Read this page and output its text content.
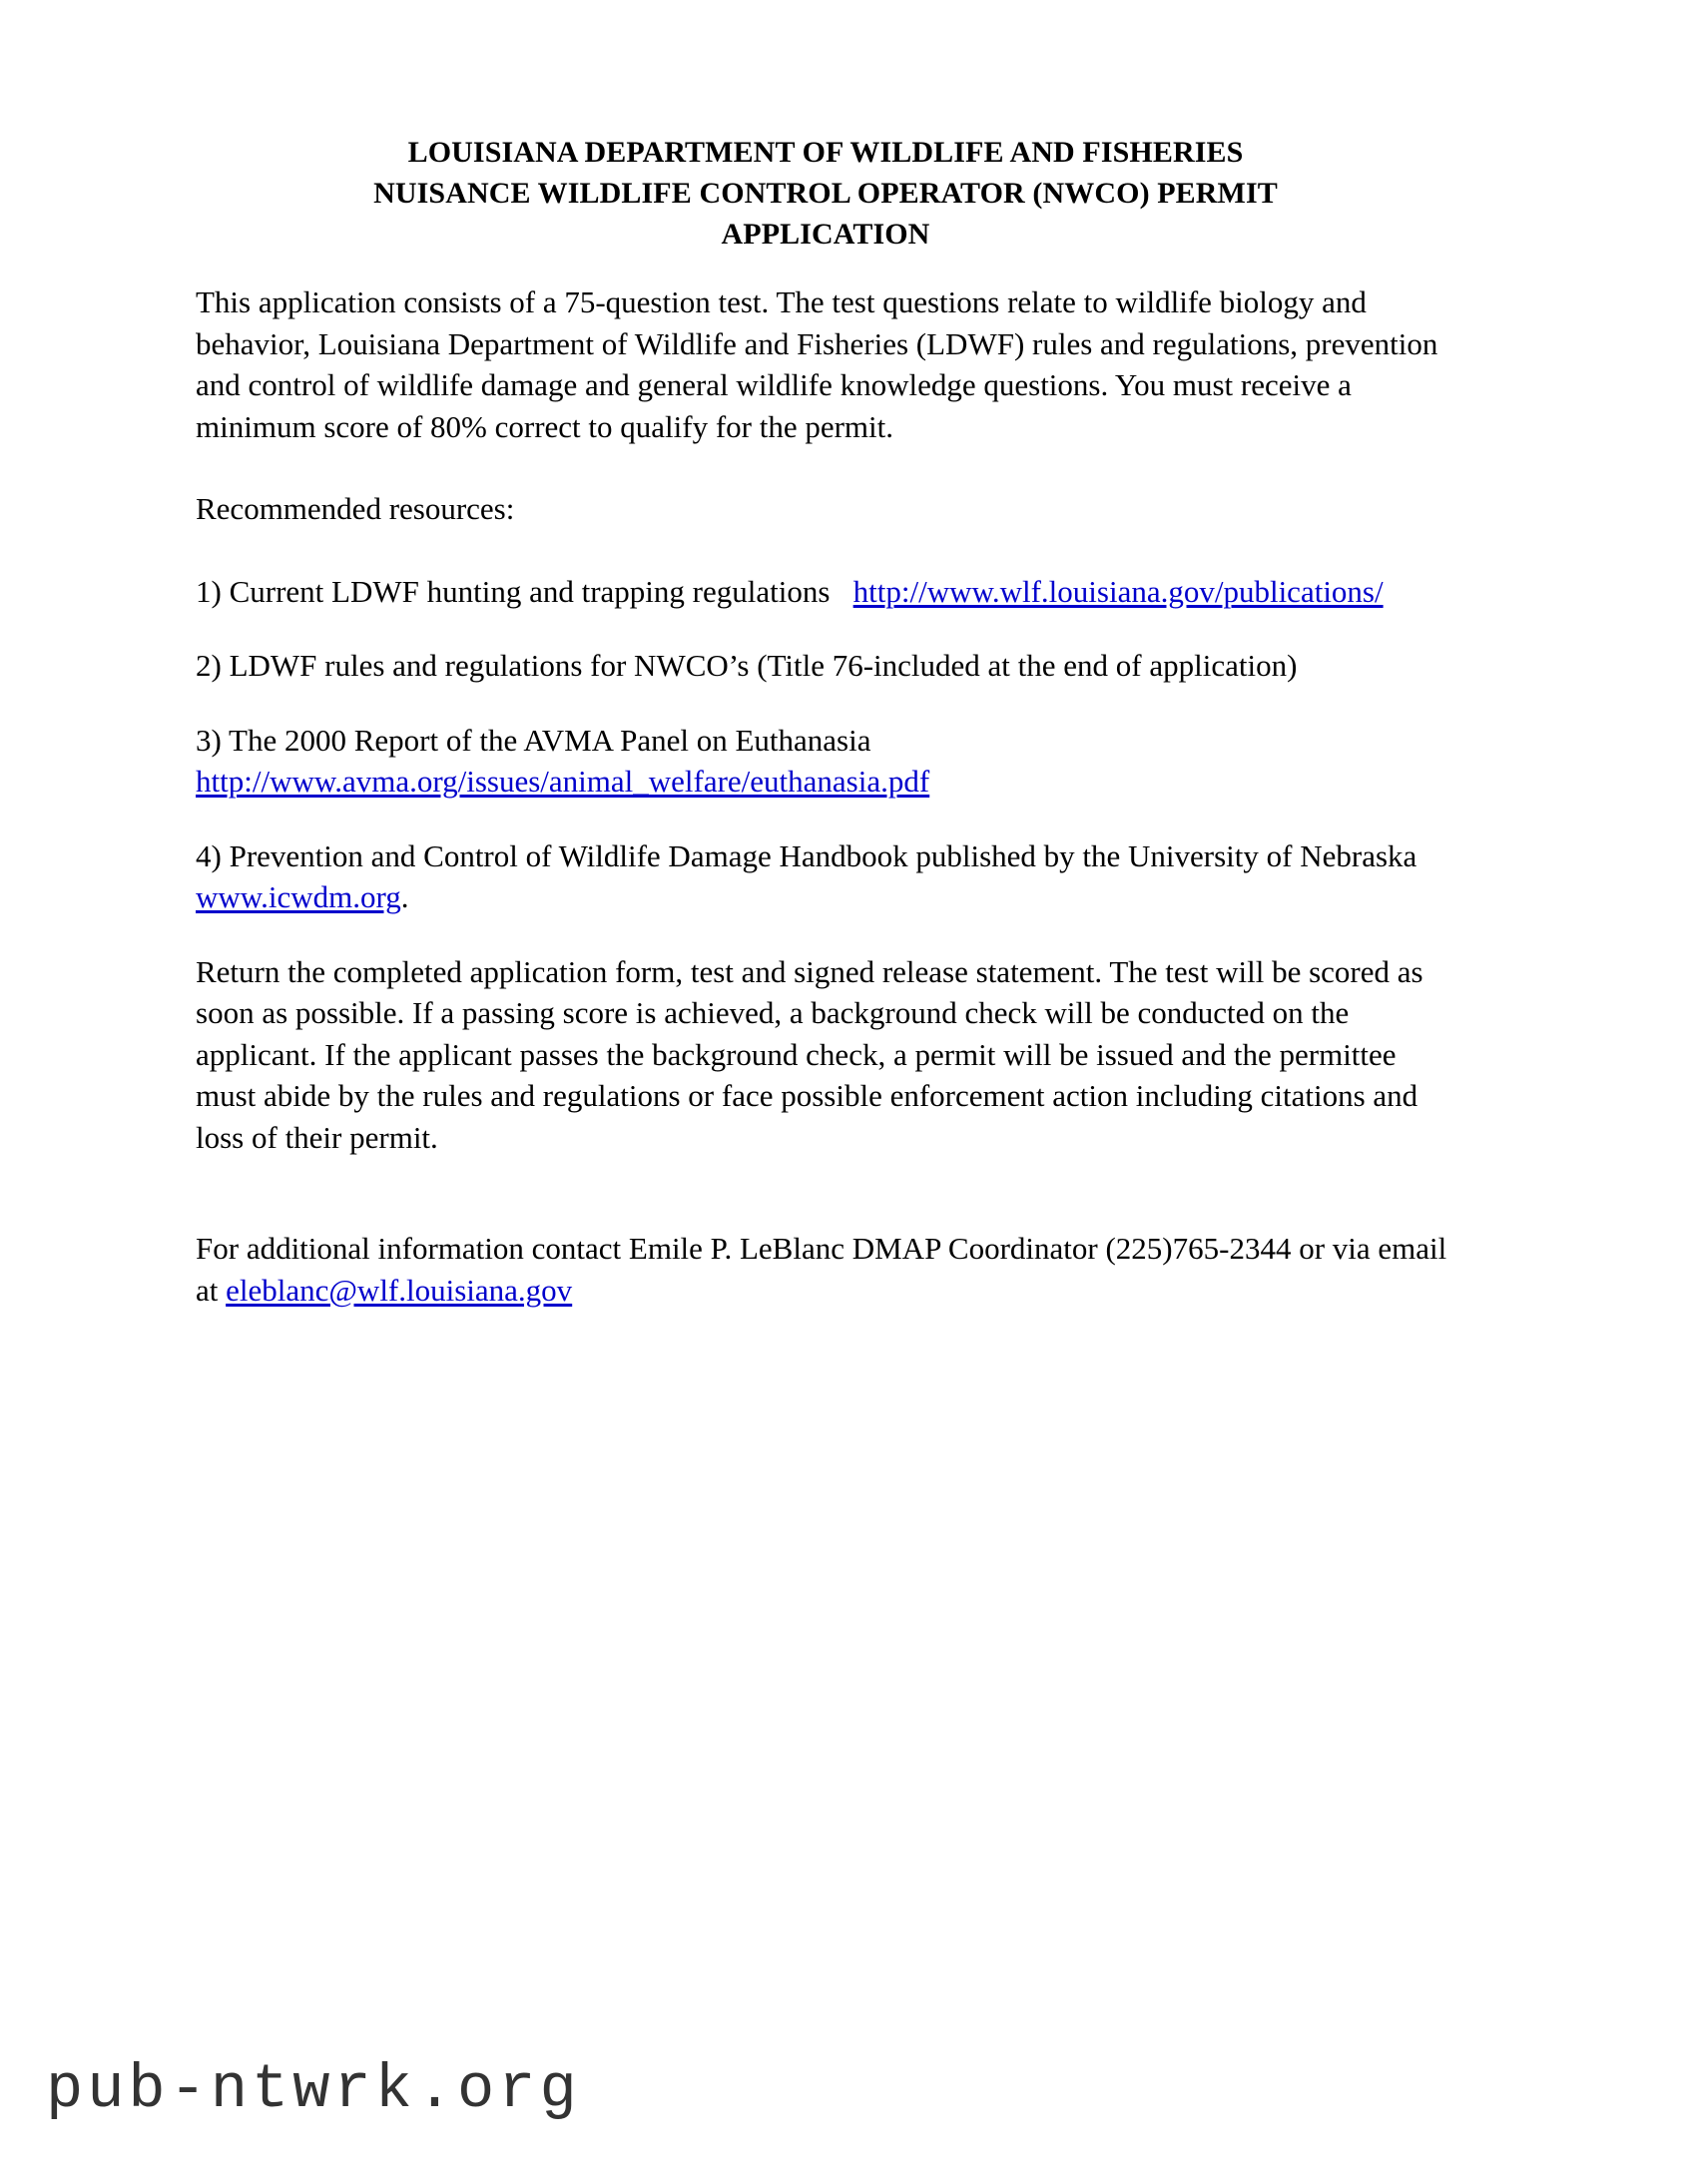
LOUISIANA DEPARTMENT OF WILDLIFE AND FISHERIES
NUISANCE WILDLIFE CONTROL OPERATOR (NWCO) PERMIT
APPLICATION

This application consists of a 75-question test. The test questions relate to wildlife biology and behavior, Louisiana Department of Wildlife and Fisheries (LDWF) rules and regulations, prevention and control of wildlife damage and general wildlife knowledge questions. You must receive a minimum score of 80% correct to qualify for the permit.

Recommended resources:

1) Current LDWF hunting and trapping regulations http://www.wlf.louisiana.gov/publications/

2) LDWF rules and regulations for NWCO’s (Title 76-included at the end of application)

3) The 2000 Report of the AVMA Panel on Euthanasia
http://www.avma.org/issues/animal_welfare/euthanasia.pdf

4) Prevention and Control of Wildlife Damage Handbook published by the University of Nebraska
www.icwdm.org.

Return the completed application form, test and signed release statement. The test will be scored as soon as possible. If a passing score is achieved, a background check will be conducted on the applicant. If the applicant passes the background check, a permit will be issued and the permittee must abide by the rules and regulations or face possible enforcement action including citations and loss of their permit.

For additional information contact Emile P. LeBlanc DMAP Coordinator (225)765-2344 or via email at eleblanc@wlf.louisiana.gov

pub-ntwrk.org
